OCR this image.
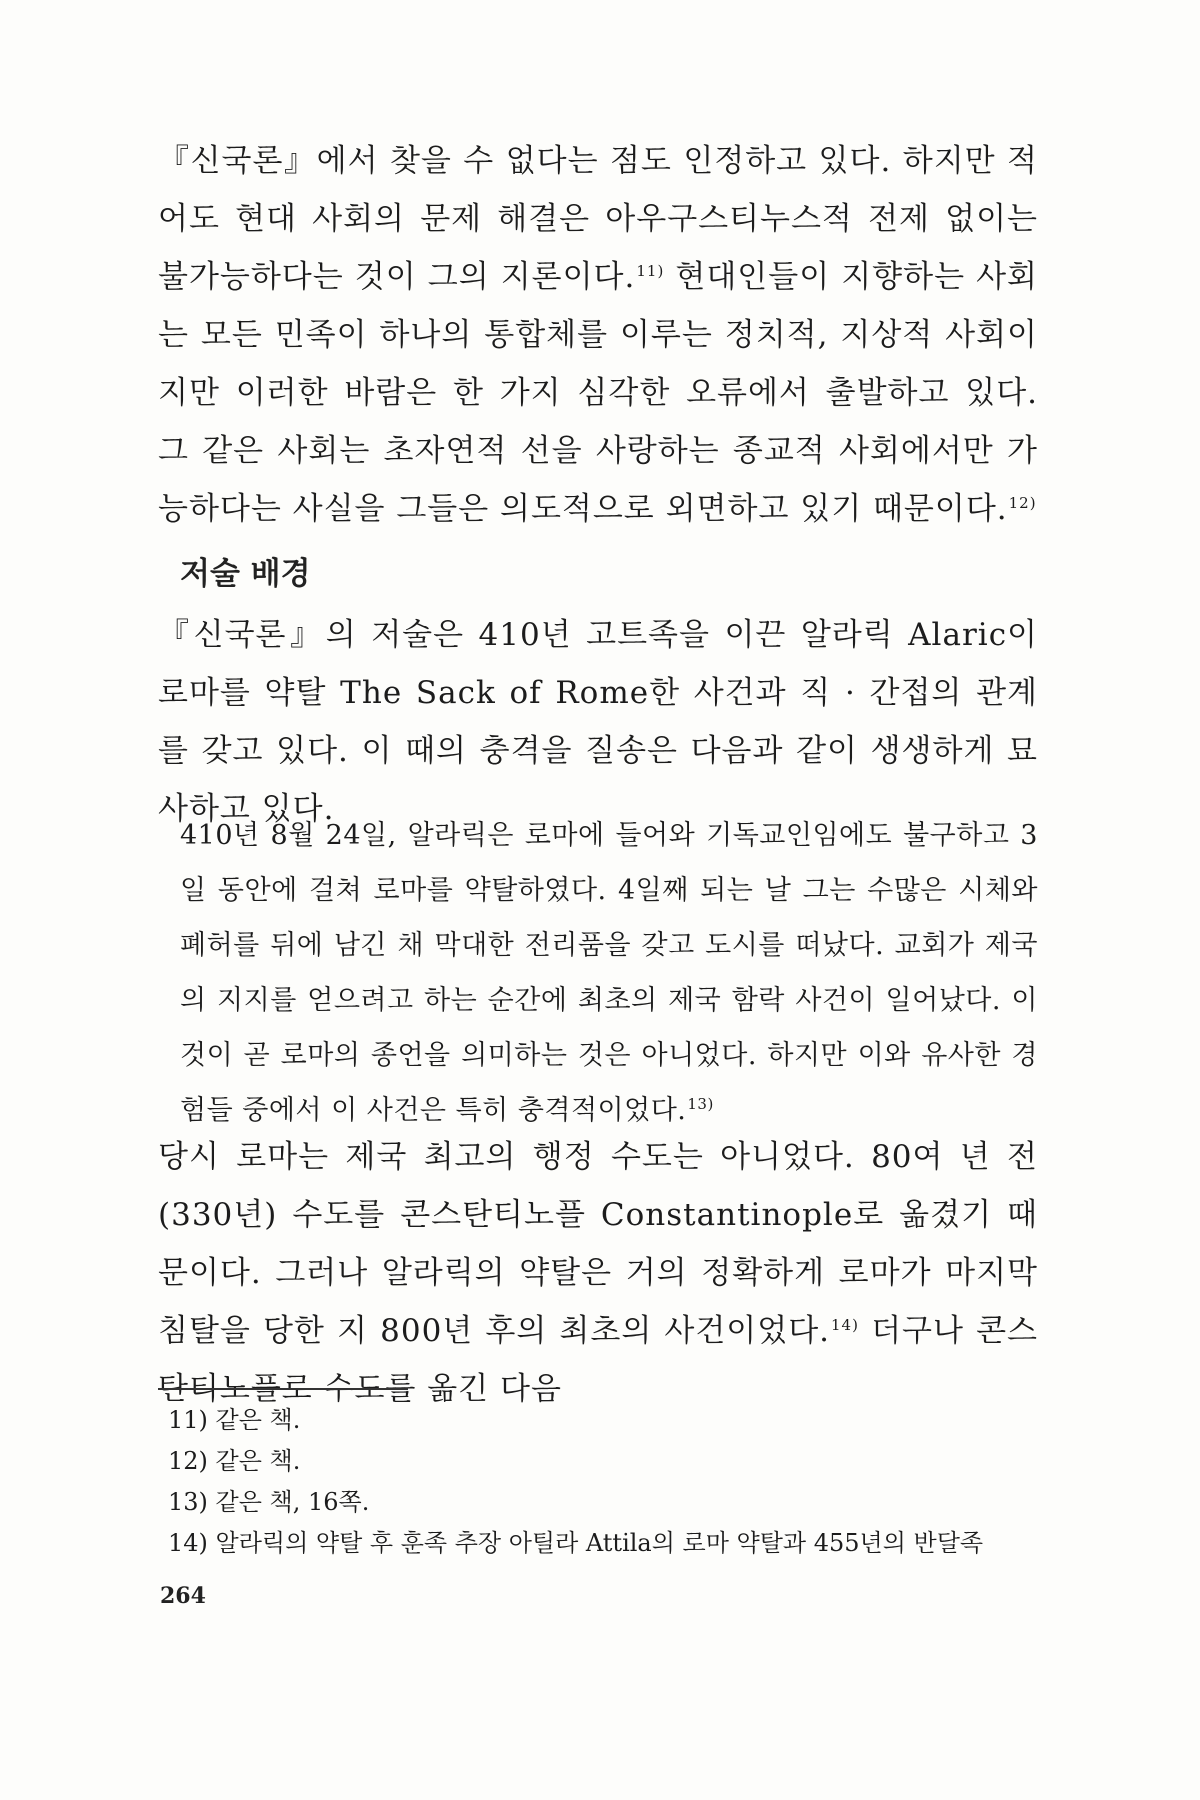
『신국론』에서 찾을 수 없다는 점도 인정하고 있다. 하지만 적어도 현대 사회의 문제 해결은 아우구스티누스적 전제 없이는 불가능하다는 것이 그의 지론이다.$^{11)}$ 현대인들이 지향하는 사회는 모든 민족이 하나의 통합체를 이루는 정치적, 지상적 사회이지만 이러한 바람은 한 가지 심각한 오류에서 출발하고 있다. 그 같은 사회는 초자연적 선을 사랑하는 종교적 사회에서만 가능하다는 사실을 그들은 의도적으로 외면하고 있기 때문이다.$^{12)}$
저술 배경
『신국론』의 저술은 410년 고트족을 이끈 알라릭 Alaric이 로마를 약탈 The Sack of Rome한 사건과 직 · 간접의 관계를 갖고 있다. 이 때의 충격을 질송은 다음과 같이 생생하게 묘사하고 있다.
410년 8월 24일, 알라릭은 로마에 들어와 기독교인임에도 불구하고 3일 동안에 걸쳐 로마를 약탈하였다. 4일째 되는 날 그는 수많은 시체와 폐허를 뒤에 남긴 채 막대한 전리품을 갖고 도시를 떠났다. 교회가 제국의 지지를 얻으려고 하는 순간에 최초의 제국 함락 사건이 일어났다. 이것이 곧 로마의 종언을 의미하는 것은 아니었다. 하지만 이와 유사한 경험들 중에서 이 사건은 특히 충격적이었다.$^{13)}$
당시 로마는 제국 최고의 행정 수도는 아니었다. 80여 년 전(330년) 수도를 콘스탄티노플 Constantinople로 옮겼기 때문이다. 그러나 알라릭의 약탈은 거의 정확하게 로마가 마지막 침탈을 당한 지 800년 후의 최초의 사건이었다.$^{14)}$ 더구나 콘스탄티노플로 수도를 옮긴 다음
11) 같은 책.
12) 같은 책.
13) 같은 책, 16쪽.
14) 알라릭의 약탈 후 훈족 추장 아틸라 Attila의 로마 약탈과 455년의 반달족
264
